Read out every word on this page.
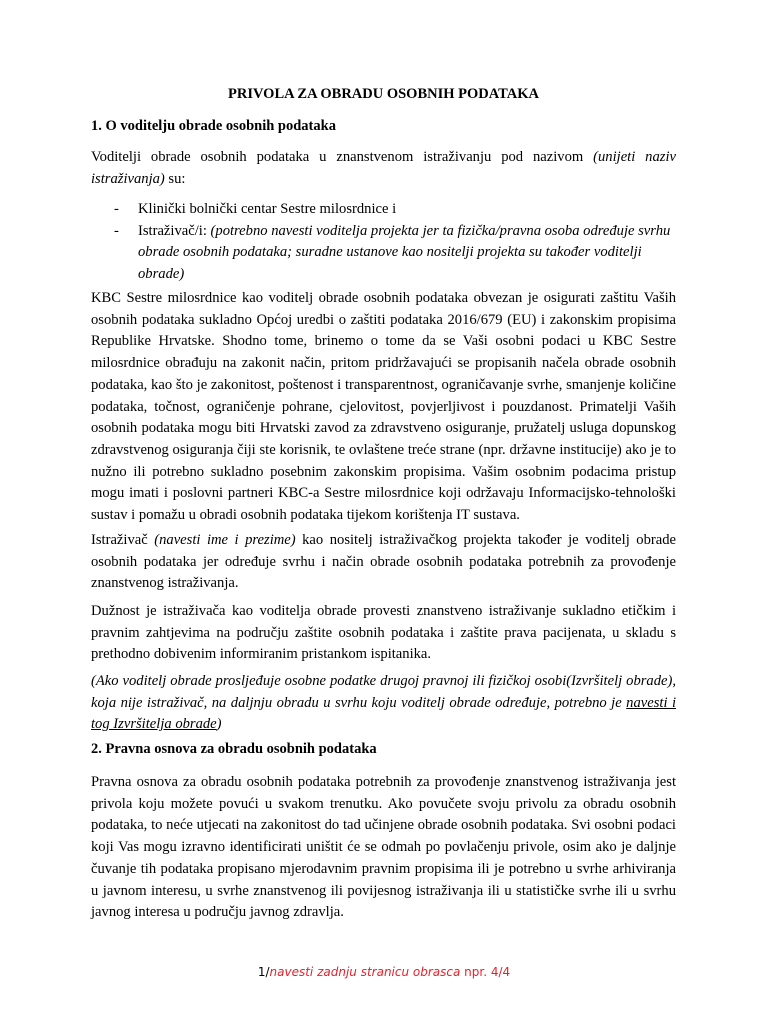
PRIVOLA ZA OBRADU OSOBNIH PODATAKA
1. O voditelju obrade osobnih podataka

Voditelji obrade osobnih podataka u znanstvenom istraživanju pod nazivom (unijeti naziv istraživanja) su:

- Klinički bolnički centar Sestre milosrdnice i
- Istraživač/i: (potrebno navesti voditelja projekta jer ta fizička/pravna osoba određuje svrhu obrade osobnih podataka; suradne ustanove kao nositelji projekta su također voditelji obrade)

KBC Sestre milosrdnice kao voditelj obrade osobnih podataka obvezan je osigurati zaštitu Vaših osobnih podataka sukladno Općoj uredbi o zaštiti podataka 2016/679 (EU) i zakonskim propisima Republike Hrvatske. Shodno tome, brinemo o tome da se Vaši osobni podaci u KBC Sestre milosrdnice obrađuju na zakonit način, pritom pridržavajući se propisanih načela obrade osobnih podataka, kao što je zakonitost, poštenost i transparentnost, ograničavanje svrhe, smanjenje količine podataka, točnost, ograničenje pohrane, cjelovitost, povjerljivost i pouzdanost. Primatelji Vaših osobnih podataka mogu biti Hrvatski zavod za zdravstveno osiguranje, pružatelj usluga dopunskog zdravstvenog osiguranja čiji ste korisnik, te ovlaštene treće strane (npr. državne institucije) ako je to nužno ili potrebno sukladno posebnim zakonskim propisima. Vašim osobnim podacima pristup mogu imati i poslovni partneri KBC-a Sestre milosrdnice koji održavaju Informacijsko-tehnološki sustav i pomažu u obradi osobnih podataka tijekom korištenja IT sustava.

Istraživač (navesti ime i prezime) kao nositelj istraživačkog projekta također je voditelj obrade osobnih podataka jer određuje svrhu i način obrade osobnih podataka potrebnih za provođenje znanstvenog istraživanja.

Dužnost je istraživača kao voditelja obrade provesti znanstveno istraživanje sukladno etičkim i pravnim zahtjevima na području zaštite osobnih podataka i zaštite prava pacijenata, u skladu s prethodno dobivenim informiranim pristankom ispitanika.

(Ako voditelj obrade prosljeđuje osobne podatke drugoj pravnoj ili fizičkoj osobi(Izvršitelj obrade), koja nije istraživač, na daljnju obradu u svrhu koju voditelj obrade određuje, potrebno je navesti i tog Izvršitelja obrade)

2. Pravna osnova za obradu osobnih podataka

Pravna osnova za obradu osobnih podataka potrebnih za provođenje znanstvenog istraživanja jest privola koju možete povući u svakom trenutku. Ako povučete svoju privolu za obradu osobnih podataka, to neće utjecati na zakonitost do tad učinjene obrade osobnih podataka. Svi osobni podaci koji Vas mogu izravno identificirati uništit će se odmah po povlačenju privole, osim ako je daljnje čuvanje tih podataka propisano mjerodavnim pravnim propisima ili je potrebno u svrhe arhiviranja u javnom interesu, u svrhe znanstvenog ili povijesnog istraživanja ili u statističke svrhe ili u svrhu javnog interesa u području javnog zdravlja.

1/navesti zadnju stranicu obrasca npr. 4/4
